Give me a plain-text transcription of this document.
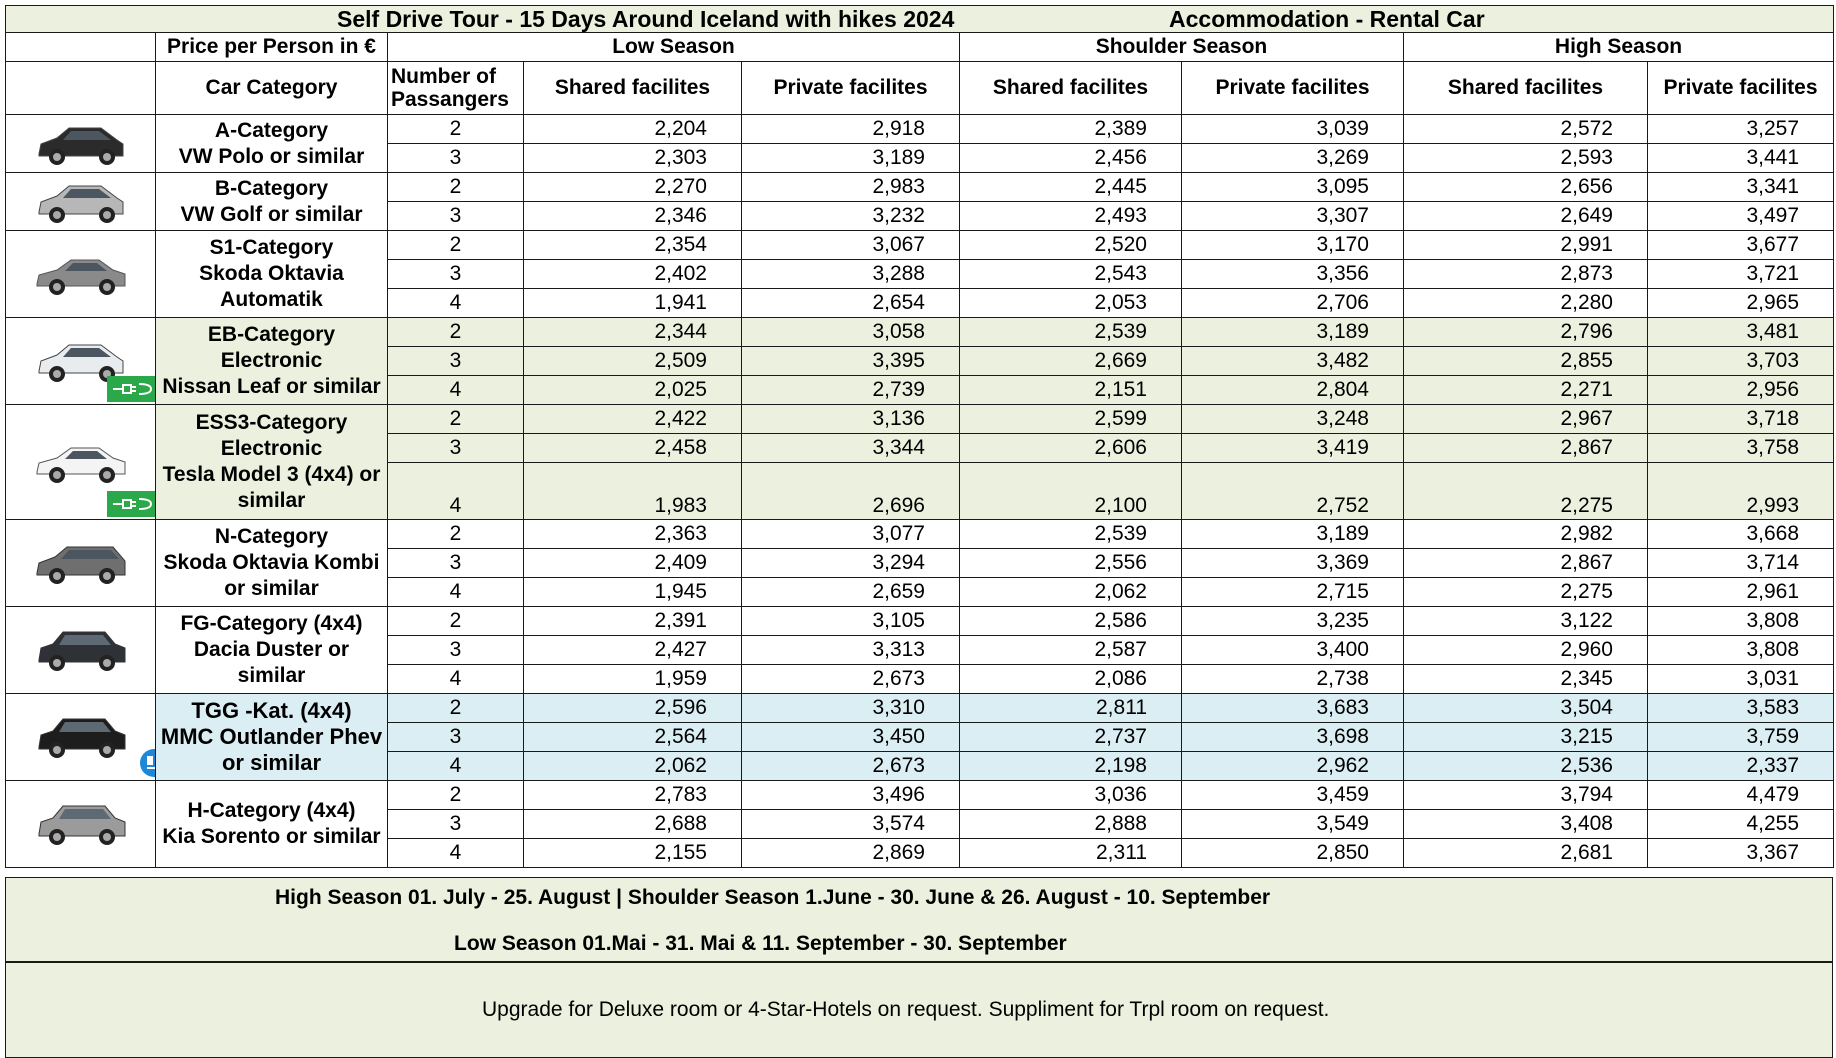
Self Drive Tour - 15 Days Around Iceland with hikes 2024 Accommodation - Rental Car								

	Price per Person in €	Low Season			Shoulder Season		High Season	
	Car Category	Number of Passangers	Shared facilites	Private facilites	Shared facilites	Private facilites	Shared facilites	Private facilites

A-Category
VW Polo or similar	2	2,204	2,918	2,389	3,039	2,572	3,257
		3	2,303	3,189	2,456	3,269	2,593	3,441

B-Category
VW Golf or similar	2	2,270	2,983	2,445	3,095	2,656	3,341
		3	2,346	3,232	2,493	3,307	2,649	3,497

S1-Category
Skoda Oktavia
Automatik	2	2,354	3,067	2,520	3,170	2,991	3,677
		3	2,402	3,288	2,543	3,356	2,873	3,721
		4	1,941	2,654	2,053	2,706	2,280	2,965

EB-Category Electronic
Nissan Leaf or similar	2	2,344	3,058	2,539	3,189	2,796	3,481
		3	2,509	3,395	2,669	3,482	2,855	3,703
		4	2,025	2,739	2,151	2,804	2,271	2,956

ESS3-Category
Electronic
Tesla Model 3 (4x4) or
similar	2	2,422	3,136	2,599	3,248	2,967	3,718
		3	2,458	3,344	2,606	3,419	2,867	3,758
		4	1,983	2,696	2,100	2,752	2,275	2,993

N-Category
Skoda Oktavia Kombi
or similar	2	2,363	3,077	2,539	3,189	2,982	3,668
		3	2,409	3,294	2,556	3,369	2,867	3,714
		4	1,945	2,659	2,062	2,715	2,275	2,961

FG-Category (4x4)
Dacia Duster or similar	2	2,391	3,105	2,586	3,235	3,122	3,808
		3	2,427	3,313	2,587	3,400	2,960	3,808
		4	1,959	2,673	2,086	2,738	2,345	3,031

TGG -Kat. (4x4)
MMC Outlander Phev
or similar	2	2,596	3,310	2,811	3,683	3,504	3,583
		3	2,564	3,450	2,737	3,698	3,215	3,759
		4	2,062	2,673	2,198	2,962	2,536	2,337

H-Category (4x4)
Kia Sorento or similar	2	2,783	3,496	3,036	3,459	3,794	4,479
		3	2,688	3,574	2,888	3,549	3,408	4,255
		4	2,155	2,869	2,311	2,850	2,681	3,367
High Season 01. July - 25. August | Shoulder Season 1.June - 30. June & 26. August - 10. September
Low Season 01.Mai - 31. Mai & 11. September - 30. September
Upgrade for Deluxe room or 4-Star-Hotels on request. Suppliment for Trpl room on request.
